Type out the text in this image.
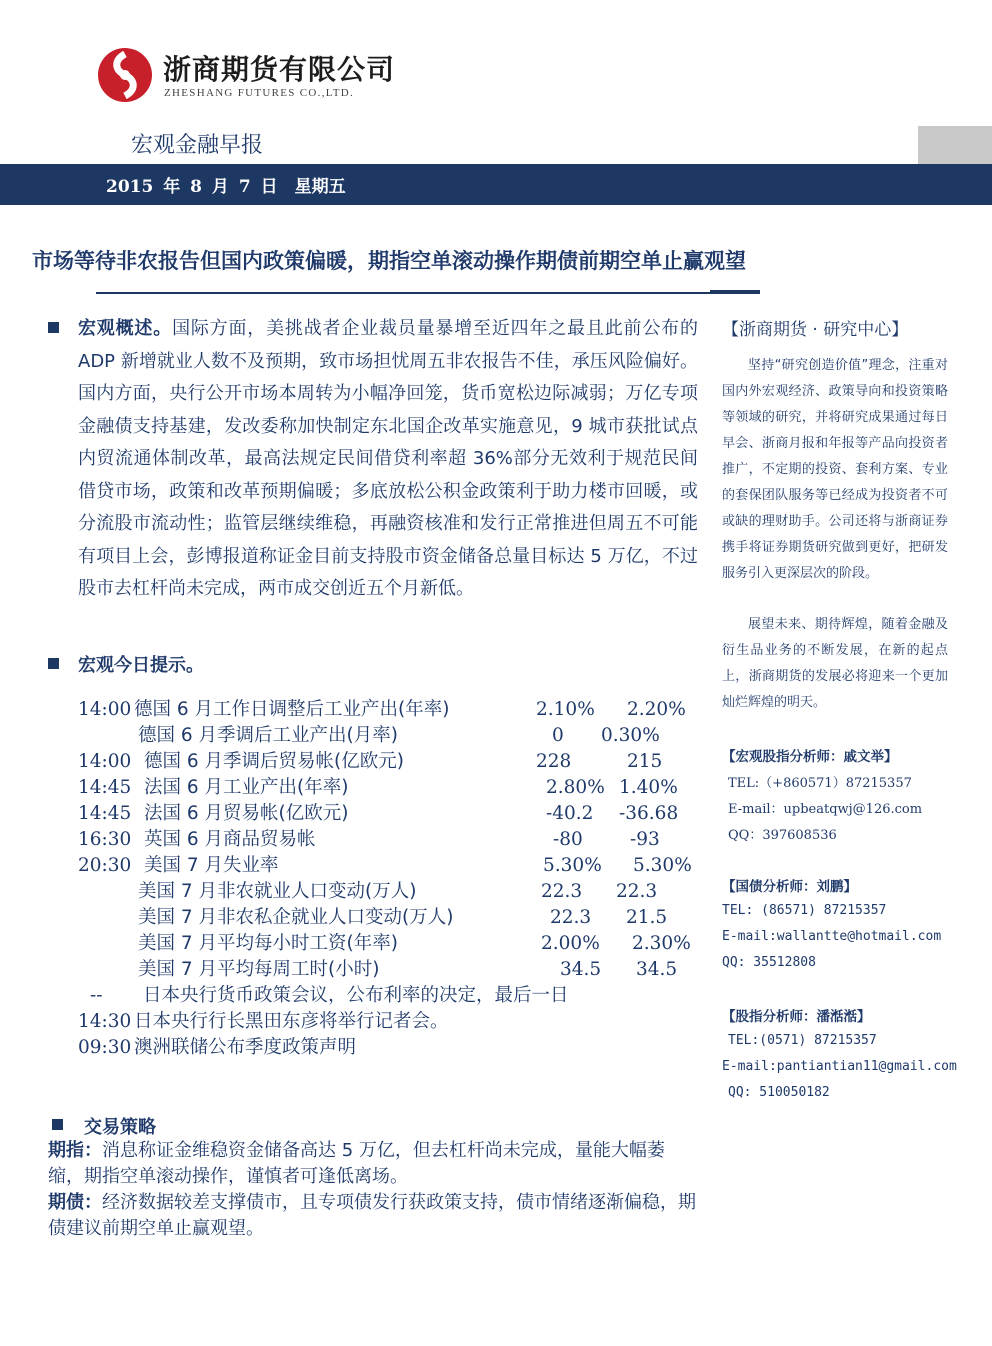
浙商期货有限公司
ZHESHANG FUTURES CO.,LTD.
宏观金融早报
2015 年 8 月 7 日　星期五
市场等待非农报告但国内政策偏暖，期指空单滚动操作期债前期空单止赢观望
宏观概述。国际方面，美挑战者企业裁员量暴增至近四年之最且此前公布的 ADP 新增就业人数不及预期，致市场担忧周五非农报告不佳，承压风险偏好。国内方面，央行公开市场本周转为小幅净回笼，货币宽松边际减弱；万亿专项金融债支持基建，发改委称加快制定东北国企改革实施意见，9 城市获批试点内贸流通体制改革，最高法规定民间借贷利率超 36%部分无效利于规范民间借贷市场，政策和改革预期偏暖；多底放松公积金政策利于助力楼市回暖，或分流股市流动性；监管层继续维稳，再融资核准和发行正常推进但周五不可能有项目上会，彭博报道称证金目前支持股市资金储备总量目标达 5 万亿，不过股市去杠杆尚未完成，两市成交创近五个月新低。
宏观今日提示。
14:00 德国 6 月工作日调整后工业产出(年率)	2.10% 2.20%
德国 6 月季调后工业产出(月率)	0 0.30%
14:00 德国 6 月季调后贸易帐(亿欧元)	228	215
14:45 法国 6 月工业产出(年率)	2.80% 1.40%
14:45 法国 6 月贸易帐(亿欧元)	-40.2 -36.68
16:30 英国 6 月商品贸易帐	-80	-93
20:30 美国 7 月失业率	5.30% 5.30%
美国 7 月非农就业人口变动(万人)	22.3 22.3
美国 7 月非农私企就业人口变动(万人)	22.3 21.5
美国 7 月平均每小时工资(年率)	2.00% 2.30%
美国 7 月平均每周工时(小时)	34.5 34.5
-- 日本央行货币政策会议，公布利率的决定，最后一日
14:30 日本央行行长黑田东彦将举行记者会。
09:30 澳洲联储公布季度政策声明
交易策略
期指：消息称证金维稳资金储备高达 5 万亿，但去杠杆尚未完成，量能大幅萎缩，期指空单滚动操作，谨慎者可逢低离场。
期债：经济数据较差支撑债市，且专项债发行获政策支持，债市情绪逐渐偏稳，期债建议前期空单止赢观望。
【浙商期货 · 研究中心】
坚持“研究创造价值”理念，注重对国内外宏观经济、政策导向和投资策略等领域的研究，并将研究成果通过每日早会、浙商月报和年报等产品向投资者推广，不定期的投资、套利方案、专业的套保团队服务等已经成为投资者不可或缺的理财助手。公司还将与浙商证券携手将证券期货研究做到更好，把研发服务引入更深层次的阶段。
展望未来、期待辉煌，随着金融及衍生品业务的不断发展，在新的起点上，浙商期货的发展必将迎来一个更加灿烂辉煌的明天。
【宏观股指分析师：戚文举】
TEL:（+860571）87215357
E-mail：upbeatqwj@126.com
QQ：397608536
【国债分析师：刘鹏】
TEL: (86571) 87215357
E-mail:wallantte@hotmail.com
QQ: 35512808
【股指分析师：潘湉湉】
TEL:(0571) 87215357
E-mail:pantiantian11@gmail.com
QQ: 510050182
